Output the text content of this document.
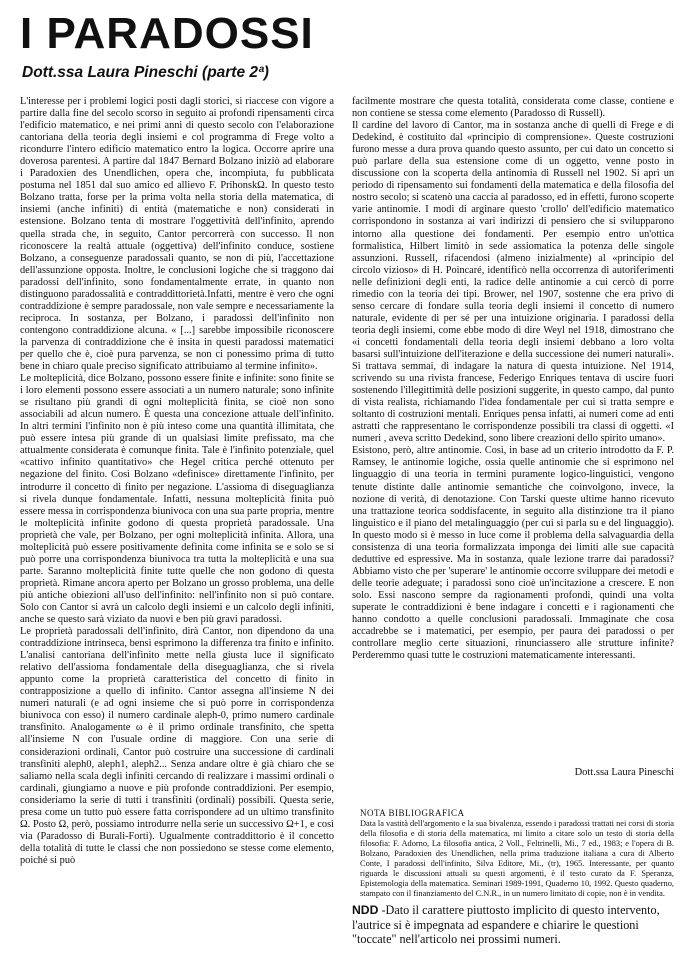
I PARADOSSI
Dott.ssa Laura Pineschi (parte 2ª)

L'interesse per i problemi logici posti dagli storici, si riaccese con vigore a partire dalla fine del secolo scorso in seguito ai profondi ripensamenti circa l'edificio matematico, e nei primi anni di questo secolo con l'elaborazione cantoriana della teoria degli insiemi e col programma di Frege volto a ricondurre l'intero edificio matematico entro la logica. Occorre aprire una doverosa parentesi. A partire dal 1847 Bernard Bolzano iniziò ad elaborare i Paradoxien des Unendlichen, opera che, incompiuta, fu pubblicata postuma nel 1851 dal suo amico ed allievo F. PrihonskΩ. In questo testo Bolzano tratta, forse per la prima volta nella storia della matematica, di insiemi (anche infiniti) di entità (matematiche e non) considerati in estensione. Bolzano tenta di mostrare l'oggettività dell'infinito, aprendo quella strada che, in seguito, Cantor percorrerà con successo. Il non riconoscere la realtà attuale (oggettiva) dell'infinito conduce, sostiene Bolzano, a conseguenze paradossali quanto, se non di più, l'accettazione dell'assunzione opposta. Inoltre, le conclusioni logiche che si traggono dai paradossi dell'infinito, sono fondamentalmente errate, in quanto non distinguono paradossalità e contraddittorietà.Infatti, mentre è vero che ogni contraddizione è sempre paradossale, non vale sempre e necessariamente la reciproca. In sostanza, per Bolzano, i paradossi dell'infinito non contengono contraddizione alcuna. « [...] sarebbe impossibile riconoscere la parvenza di contraddizione che è insita in questi paradossi matematici per quello che è, cioè pura parvenza, se non ci ponessimo prima di tutto bene in chiaro quale preciso significato attribuiamo al termine infinito».

Le molteplicità, dice Bolzano, possono essere finite e infinite: sono finite se i loro elementi possono essere associati a un numero naturale; sono infinite se risultano più grandi di ogni molteplicità finita, se cioè non sono associabili ad alcun numero. È questa una concezione attuale dell'infinito. In altri termini l'infinito non è più inteso come una quantità illimitata, che può essere intesa più grande di un qualsiasi limite prefissato, ma che attualmente considerata è comunque finita. Tale è l'infinito potenziale, quel «cattivo infinito quantitativo» che Hegel critica perché ottenuto per negazione del finito. Così Bolzano «definisce» direttamente l'infinito, per introdurre il concetto di finito per negazione. L'assioma di diseguaglianza si rivela dunque fondamentale. Infatti, nessuna molteplicità finita può essere messa in corrispondenza biunivoca con una sua parte propria, mentre le molteplicità infinite godono di questa proprietà paradossale. Una proprietà che vale, per Bolzano, per ogni molteplicità infinita. Allora, una molteplicità può essere positivamente definita come infinita se e solo se si può porre una corrispondenza biunivoca tra tutta la molteplicità e una sua parte. Saranno molteplicità finite tutte quelle che non godono di questa proprietà. Rimane ancora aperto per Bolzano un grosso problema, una delle più antiche obiezioni all'uso dell'infinito: nell'infinito non si può contare. Solo con Cantor si avrà un calcolo degli insiemi e un calcolo degli infiniti, anche se questo sarà viziato da nuovi e ben più gravi paradossi.

Le proprietà paradossali dell'infinito, dirà Cantor, non dipendono da una contraddizione intrinseca, bensì esprimono la differenza tra finito e infinito. L'analisi cantoriana dell'infinito mette nella giusta luce il significato relativo dell'assioma fondamentale della diseguaglianza, che si rivela appunto come la proprietà caratteristica del concetto di finito in contrapposizione a quello di infinito. Cantor assegna all'insieme N dei numeri naturali (e ad ogni insieme che si può porre in corrispondenza biunivoca con esso) il numero cardinale aleph-0, primo numero cardinale transfinito. Analogamente ω è il primo ordinale transfinito, che spetta all'insieme N con l'usuale ordine di maggiore. Con una serie di considerazioni ordinali, Cantor può costruire una successione di cardinali transfiniti aleph0, aleph1, aleph2... Senza andare oltre è già chiaro che se saliamo nella scala degli infiniti cercando di realizzare i massimi ordinali o cardinali, giungiamo a nuove e più profonde contraddizioni. Per esempio, consideriamo la serie di tutti i transfiniti (ordinali) possibili. Questa serie, presa come un tutto può essere fatta corrispondere ad un ultimo transfinito Ω. Posto Ω, però, possiamo introdurre nella serie un successivo Ω+1, e così via (Paradosso di Burali-Forti). Ugualmente contraddittorio è il concetto della totalità di tutte le classi che non possiedono se stesse come elemento, poiché si può

facilmente mostrare che questa totalità, considerata come classe, contiene e non contiene se stessa come elemento (Paradosso di Russell).

Il cardine del lavoro di Cantor, ma in sostanza anche di quelli di Frege e di Dedekind, è costituito dal «principio di comprensione». Queste costruzioni furono messe a dura prova quando questo assunto, per cui dato un concetto si può parlare della sua estensione come di un oggetto, venne posto in discussione con la scoperta della antinomia di Russell nel 1902. Si aprì un periodo di ripensamento sui fondamenti della matematica e della filosofia del nostro secolo; si scatenò una caccia al paradosso, ed in effetti, furono scoperte varie antinomie. I modi di arginare questo 'crollo' dell'edificio matematico corrispondono in sostanza ai vari indirizzi di pensiero che si svilupparono intorno alla questione dei fondamenti. Per esempio entro un'ottica formalistica, Hilbert limitò in sede assiomatica la potenza delle singole assunzioni. Russell, rifacendosi (almeno inizialmente) al «principio del circolo vizioso» di H. Poincaré, identificò nella occorrenza di autoriferimenti nelle definizioni degli enti, la radice delle antinomie a cui cercò di porre rimedio con la teoria dei tipi. Brower, nel 1907, sostenne che era privo di senso cercare di fondare sulla teoria degli insiemi il concetto di numero naturale, evidente di per sé per una intuizione originaria. I paradossi della teoria degli insiemi, come ebbe modo di dire Weyl nel 1918, dimostrano che «i concetti fondamentali della teoria degli insiemi debbano a loro volta basarsi sull'intuizione dell'iterazione e della successione dei numeri naturali». Si trattava semmai, di indagare la natura di questa intuizione. Nel 1914, scrivendo su una rivista francese, Federigo Enriques tentava di uscire fuori sostenendo l'illegittimità delle posizioni suggerite, in questo campo, dal punto di vista realista, richiamando l'idea fondamentale per cui si tratta sempre e soltanto di costruzioni mentali. Enriques pensa infatti, ai numeri come ad enti astratti che rappresentano le corrispondenze possibili tra classi di oggetti. «I numeri , aveva scritto Dedekind, sono libere creazioni dello spirito umano».

Esistono, però, altre antinomie. Così, in base ad un criterio introdotto da F. P. Ramsey, le antinomie logiche, ossia quelle antinomie che si esprimono nel linguaggio di una teoria in termini puramente logico-linguistici, vengono tenute distinte dalle antinomie semantiche che coinvolgono, invece, la nozione di verità, di denotazione. Con Tarski queste ultime hanno ricevuto una trattazione teorica soddisfacente, in seguito alla distinzione tra il piano linguistico e il piano del metalinguaggio (per cui si parla su e del linguaggio). In questo modo si è messo in luce come il problema della salvaguardia della consistenza di una teoria formalizzata imponga dei limiti alle sue capacità deduttive ed espressive. Ma in sostanza, quale lezione trarre dai paradossi? Abbiamo visto che per 'superare' le antinomie occorre sviluppare dei metodi e delle teorie adeguate; i paradossi sono cioè un'incitazione a crescere. E non solo. Essi nascono sempre da ragionamenti profondi, quindi una volta superate le contraddizioni è bene indagare i concetti e i ragionamenti che hanno condotto a quelle conclusioni paradossali. Immaginate che cosa accadrebbe se i matematici, per esempio, per paura dei paradossi o per controllare meglio certe situazioni, rinunciassero alle strutture infinite? Perderemmo quasi tutte le costruzioni matematicamente interessanti.

Dott.ssa Laura Pineschi

NOTA BIBLIOGRAFICA

Data la vastità dell'argomento e la sua bivalenza, essendo i paradossi trattati nei corsi di storia della filosofia e di storia della matematica, mi limito a citare solo un testo di storia della filosofia: F. Adorno, La filosofia antica, 2 Voll., Feltrinelli, Mi., 7 ed., 1983; e l'opera di B. Bolzano, Paradoxien des Unendlichen, nella prima traduzione italiana a cura di Alberto Conte, I paradossi dell'infinito, Silva Editore, Mi., (tr), 1965. Interessante, per quanto riguarda le discussioni attuali su questi argomenti, è il testo curato da F. Speranza, Epistemologia della matematica. Seminari 1989-1991, Quaderno 10, 1992. Questo quaderno, stampato con il finanziamento del C.N.R., in un numero limitato di copie, non è in vendita.

NDD -Dato il carattere piuttosto implicito di questo intervento, l'autrice si è impegnata ad espandere e chiarire le questioni "toccate" nell'articolo nei prossimi numeri.
